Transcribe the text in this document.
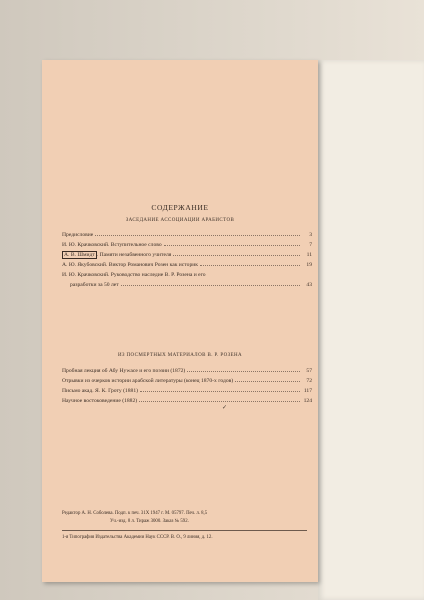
СОДЕРЖАНИЕ
ЗАСЕДАНИЕ АССОЦИАЦИИ АРАБИСТОВ
Предисловие	3
И. Ю. Крачковский. Вступительное слово	7
А. В. Шмидт . Памяти незабвенного учителя	11
А. Ю. Якубовский. Виктор Романович Розен как историк	19
И. Ю. Крачковский. Руководство наследие В. Р. Розена и его
разработки за 50 лет	43
ИЗ ПОСМЕРТНЫХ МАТЕРИАЛОВ В. Р. РОЗЕНА
Пробная лекция об Абу Нуwaсе и его поэзии (1872)	57
Отрывки из очерков истории арабской литературы (конец 1870-х годов)	72
Письмо акад. Я. К. Гроту (1881)	117
Научное востоковедение (1882)	124
✓
Редактор А. Н. Соболева. Подп. к печ. 31Х 1947 г. М. 05797. Печ. л. 8,5
Уч.-изд. 8 л. Тираж 3000. Заказ № 592.
1-я Типография Издательства Академии Наук СССР. В. О., 9 линия, д. 12.
